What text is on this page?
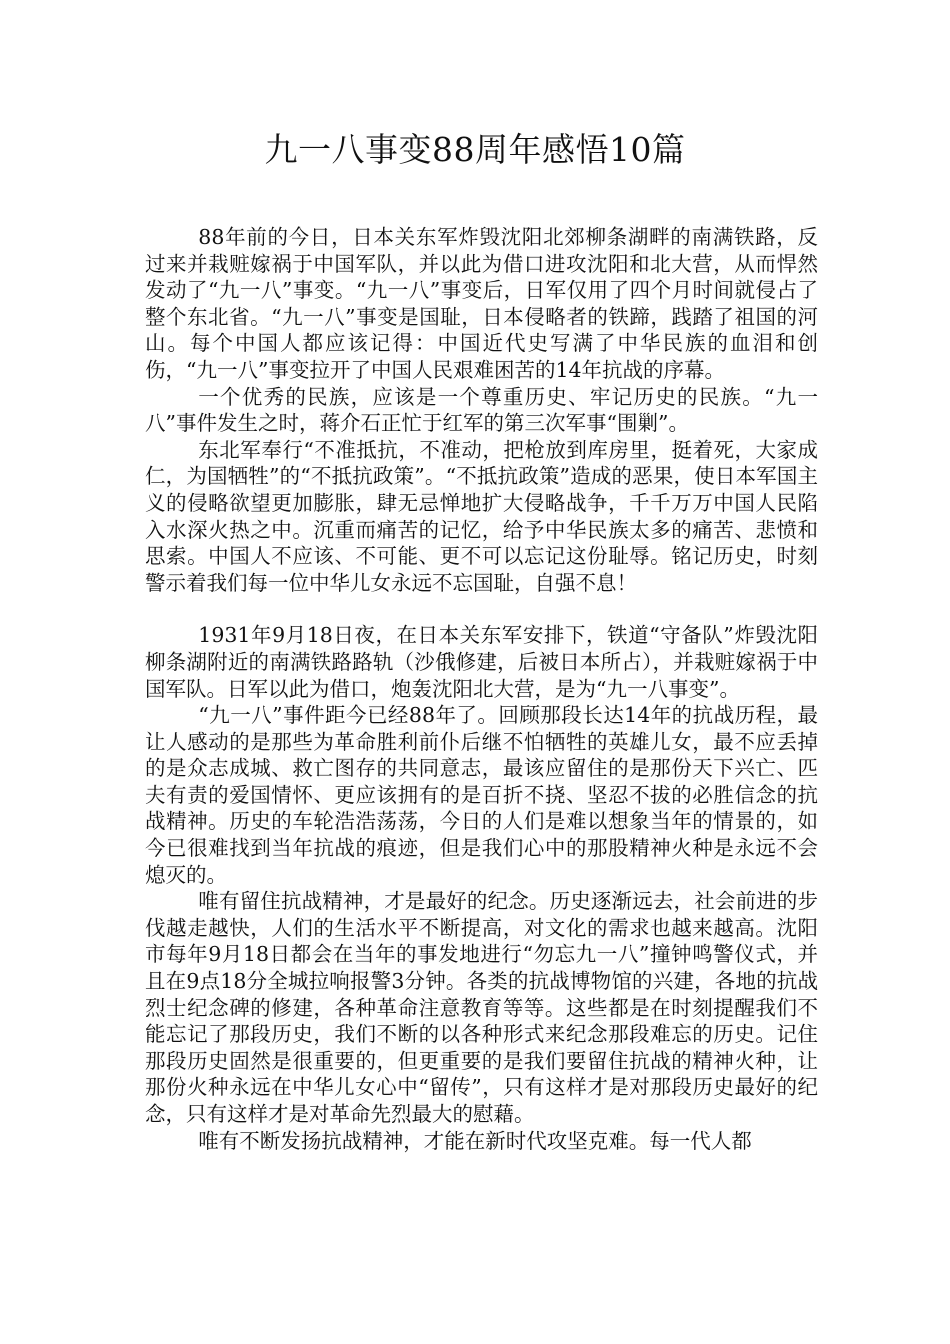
九一八事变88周年感悟10篇

88年前的今日，日本关东军炸毁沈阳北郊柳条湖畔的南满铁路，反过来并栽赃嫁祸于中国军队，并以此为借口进攻沈阳和北大营，从而悍然发动了“九一八”事变。“九一八”事变后，日军仅用了四个月时间就侵占了整个东北省。“九一八”事变是国耻，日本侵略者的铁蹄，践踏了祖国的河山。每个中国人都应该记得：中国近代史写满了中华民族的血泪和创伤，“九一八”事变拉开了中国人民艰难困苦的14年抗战的序幕。

一个优秀的民族，应该是一个尊重历史、牢记历史的民族。“九一八”事件发生之时，蒋介石正忙于红军的第三次军事“围剿”。

东北军奉行“不准抵抗，不准动，把枪放到库房里，挺着死，大家成仁，为国牺牲”的“不抵抗政策”。“不抵抗政策”造成的恶果，使日本军国主义的侵略欲望更加膨胀，肆无忌惮地扩大侵略战争，千千万万中国人民陷入水深火热之中。沉重而痛苦的记忆，给予中华民族太多的痛苦、悲愤和思索。中国人不应该、不可能、更不可以忘记这份耻辱。铭记历史，时刻警示着我们每一位中华儿女永远不忘国耻，自强不息！

1931年9月18日夜，在日本关东军安排下，铁道“守备队”炸毁沈阳柳条湖附近的南满铁路路轨（沙俄修建，后被日本所占），并栽赃嫁祸于中国军队。日军以此为借口，炮轰沈阳北大营，是为“九一八事变”。

“九一八”事件距今已经88年了。回顾那段长达14年的抗战历程，最让人感动的是那些为革命胜利前仆后继不怕牺牲的英雄儿女，最不应丢掉的是众志成城、救亡图存的共同意志，最该应留住的是那份天下兴亡、匹夫有责的爱国情怀、更应该拥有的是百折不挠、坚忍不拔的必胜信念的抗战精神。历史的车轮浩浩荡荡，今日的人们是难以想象当年的情景的，如今已很难找到当年抗战的痕迹，但是我们心中的那股精神火种是永远不会熄灭的。

唯有留住抗战精神，才是最好的纪念。历史逐渐远去，社会前进的步伐越走越快，人们的生活水平不断提高，对文化的需求也越来越高。沈阳市每年9月18日都会在当年的事发地进行“勿忘九一八”撞钟鸣警仪式，并且在9点18分全城拉响报警3分钟。各类的抗战博物馆的兴建，各地的抗战烈士纪念碑的修建，各种革命注意教育等等。这些都是在时刻提醒我们不能忘记了那段历史，我们不断的以各种形式来纪念那段难忘的历史。记住那段历史固然是很重要的，但更重要的是我们要留住抗战的精神火种，让那份火种永远在中华儿女心中“留传”，只有这样才是对那段历史最好的纪念，只有这样才是对革命先烈最大的慰藉。

唯有不断发扬抗战精神，才能在新时代攻坚克难。每一代人都
